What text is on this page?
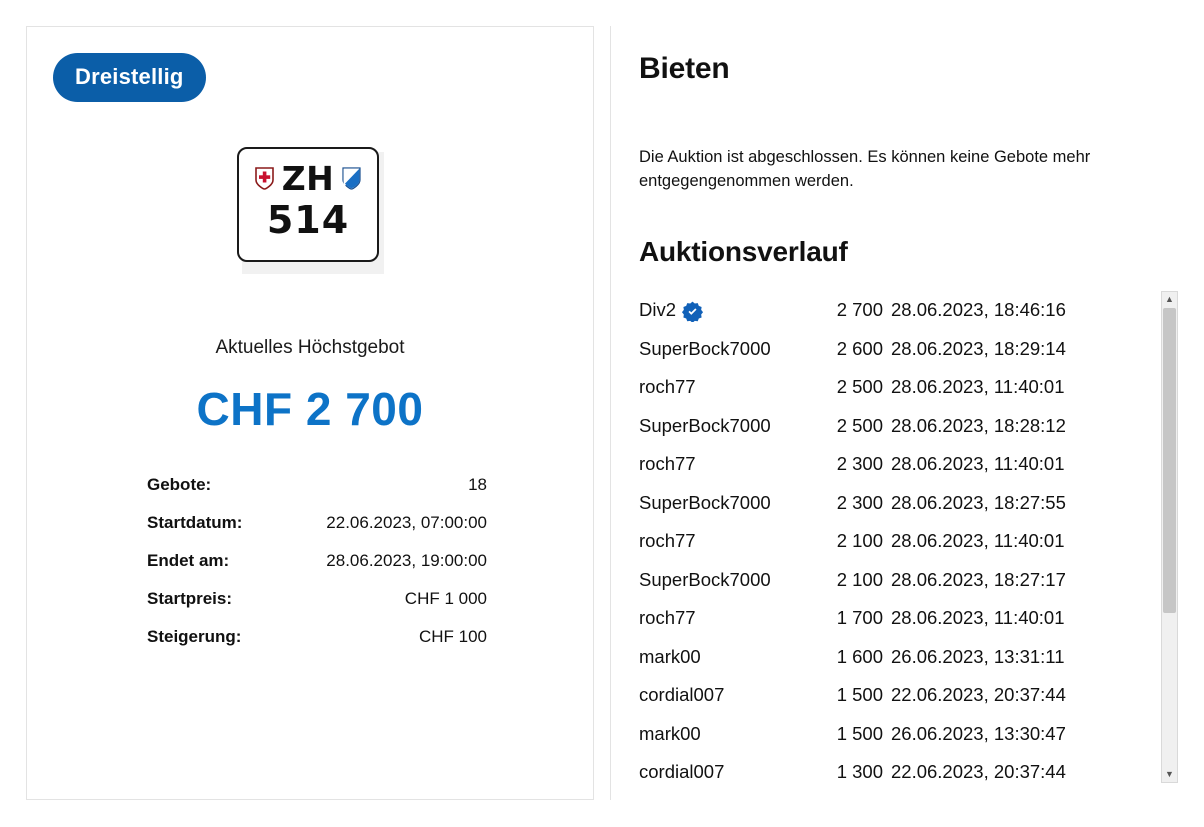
Dreistellig
ZH
514
Aktuelles Höchstgebot
CHF 2 700
Gebote:	18
Startdatum:	22.06.2023, 07:00:00
Endet am:	28.06.2023, 19:00:00
Startpreis:	CHF 1 000
Steigerung:	CHF 100
Bieten
Die Auktion ist abgeschlossen. Es können keine Gebote mehr entgegengenommen werden.
Auktionsverlauf
Div2	2 700 28.06.2023, 18:46:16
SuperBock7000	2 600 28.06.2023, 18:29:14
roch77	2 500 28.06.2023, 11:40:01
SuperBock7000	2 500 28.06.2023, 18:28:12
roch77	2 300 28.06.2023, 11:40:01
SuperBock7000	2 300 28.06.2023, 18:27:55
roch77	2 100 28.06.2023, 11:40:01
SuperBock7000	2 100 28.06.2023, 18:27:17
roch77	1 700 28.06.2023, 11:40:01
mark00	1 600 26.06.2023, 13:31:11
cordial007	1 500 22.06.2023, 20:37:44
mark00	1 500 26.06.2023, 13:30:47
cordial007	1 300 22.06.2023, 20:37:44
▲
▼
